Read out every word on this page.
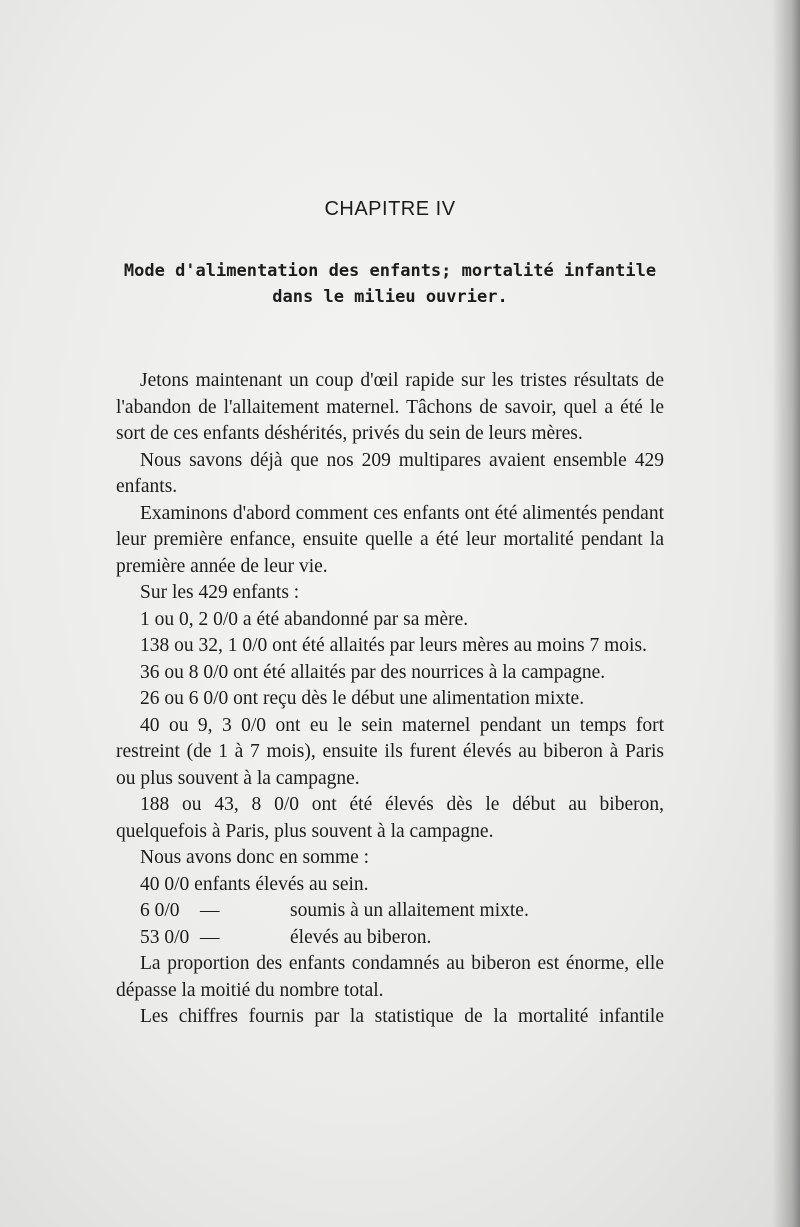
CHAPITRE IV
Mode d'alimentation des enfants; mortalité infantile
dans le milieu ouvrier.

Jetons maintenant un coup d'œil rapide sur les tristes résultats de l'abandon de l'allaitement maternel. Tâchons de savoir, quel a été le sort de ces enfants déshérités, privés du sein de leurs mères.

Nous savons déjà que nos 209 multipares avaient ensemble 429 enfants.

Examinons d'abord comment ces enfants ont été alimentés pendant leur première enfance, ensuite quelle a été leur mortalité pendant la première année de leur vie.

Sur les 429 enfants :

1 ou 0, 2 0/0 a été abandonné par sa mère.

138 ou 32, 1 0/0 ont été allaités par leurs mères au moins 7 mois.

36 ou 8 0/0 ont été allaités par des nourrices à la campagne.

26 ou 6 0/0 ont reçu dès le début une alimentation mixte.

40 ou 9, 3 0/0 ont eu le sein maternel pendant un temps fort restreint (de 1 à 7 mois), ensuite ils furent élevés au biberon à Paris ou plus souvent à la campagne.

188 ou 43, 8 0/0 ont été élevés dès le début au biberon, quelquefois à Paris, plus souvent à la campagne.

Nous avons donc en somme :

40 0/0 enfants élevés au sein.

6 0/0	—	soumis à un allaitement mixte.
53 0/0 —	élevés au biberon.

La proportion des enfants condamnés au biberon est énorme, elle dépasse la moitié du nombre total.

Les chiffres fournis par la statistique de la mortalité infantile
